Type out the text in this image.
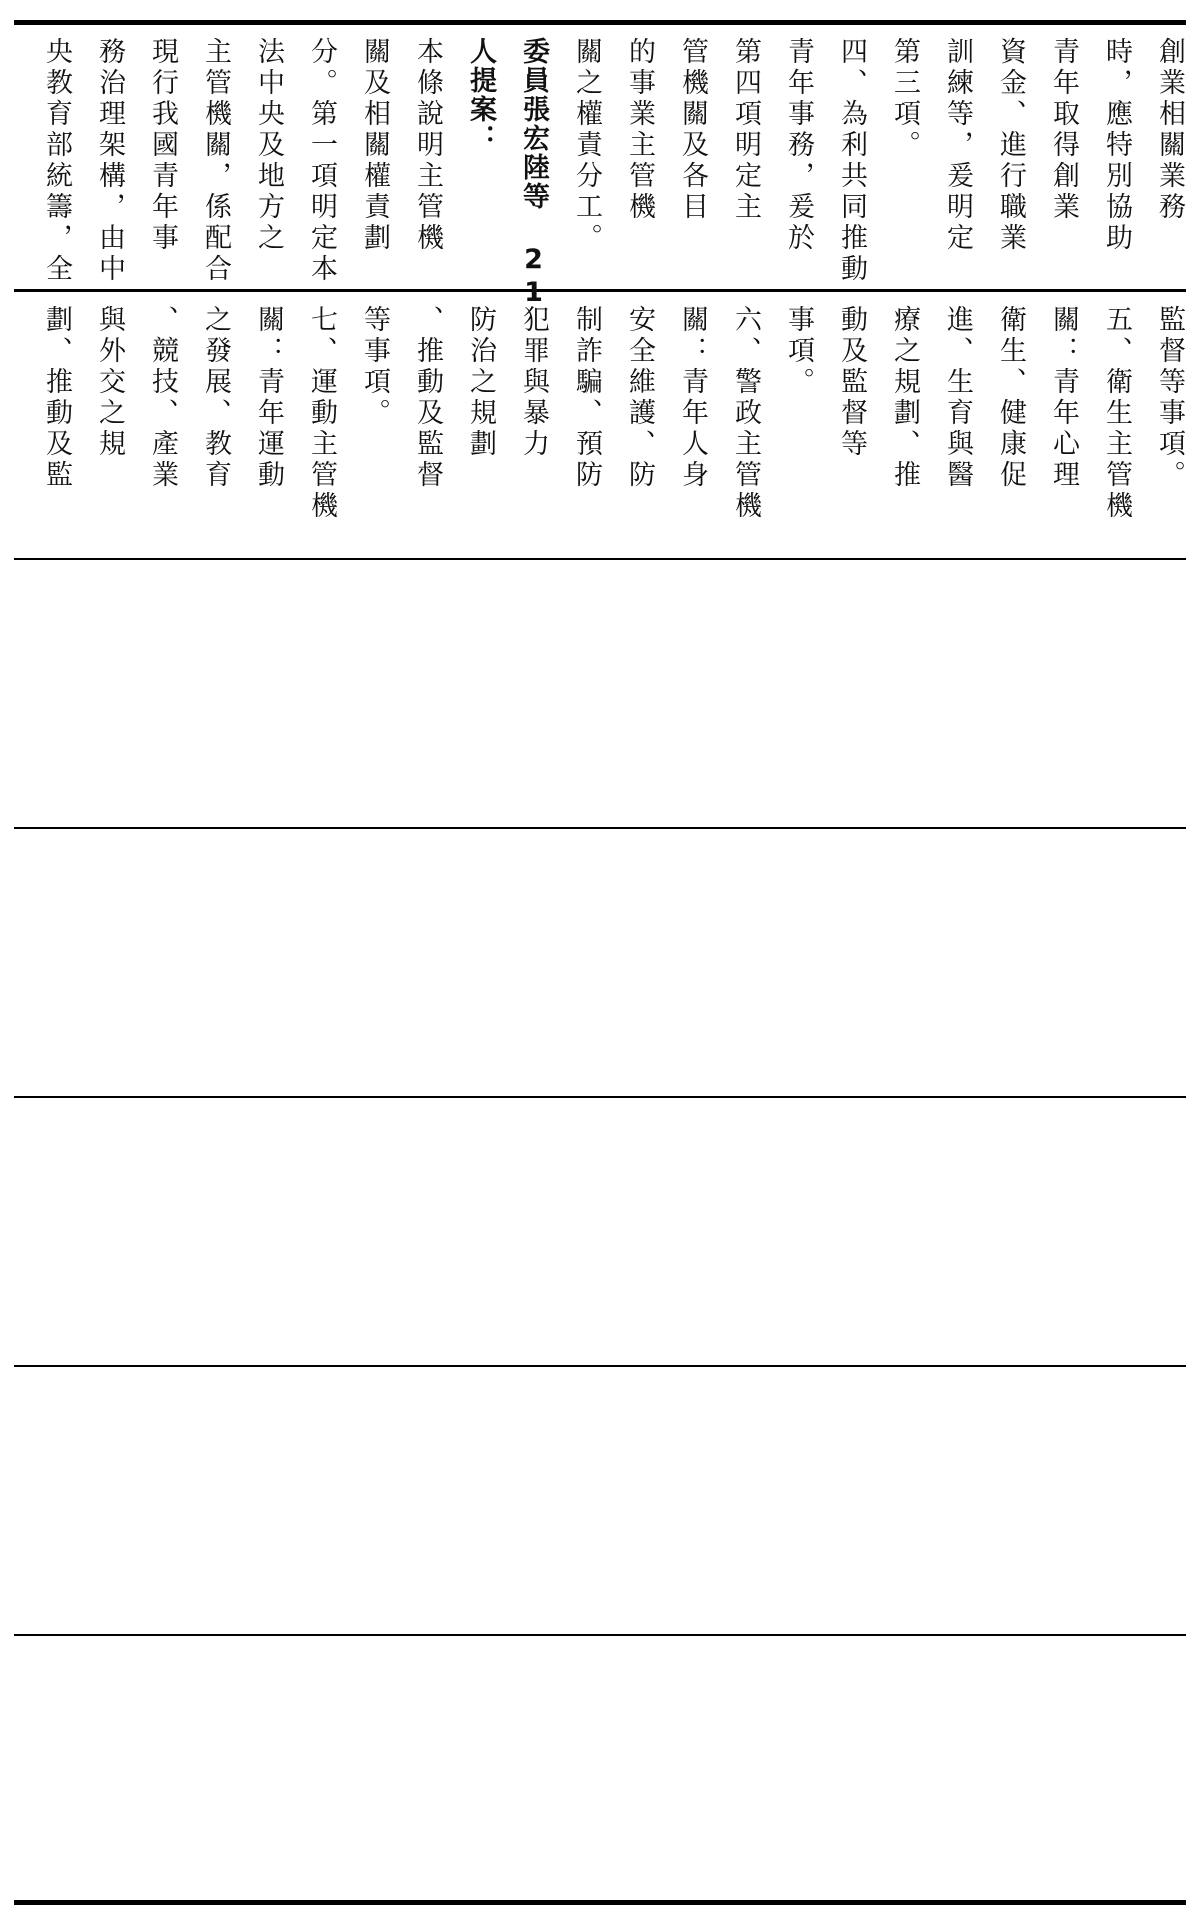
創業相關業務
時，應特別協助
青年取得創業
資金、進行職業
訓練等，爰明定
第三項。
四、為利共同推動
青年事務，爰於
第四項明定主
管機關及各目
的事業主管機
關之權責分工。
委員張宏陸等 21
人提案：
本條說明主管機
關及相關權責劃
分。第一項明定本
法中央及地方之
主管機關，係配合
現行我國青年事
務治理架構，由中
央教育部統籌，全
監督等事項。
五、衛生主管機
關：青年心理
衛生、健康促
進、生育與醫
療之規劃、推
動及監督等
事項。
六、警政主管機
關：青年人身
安全維護、防
制詐騙、預防
犯罪與暴力
防治之規劃
、推動及監督
等事項。
七、運動主管機
關：青年運動
之發展、教育
、競技、產業
與外交之規
劃、推動及監
